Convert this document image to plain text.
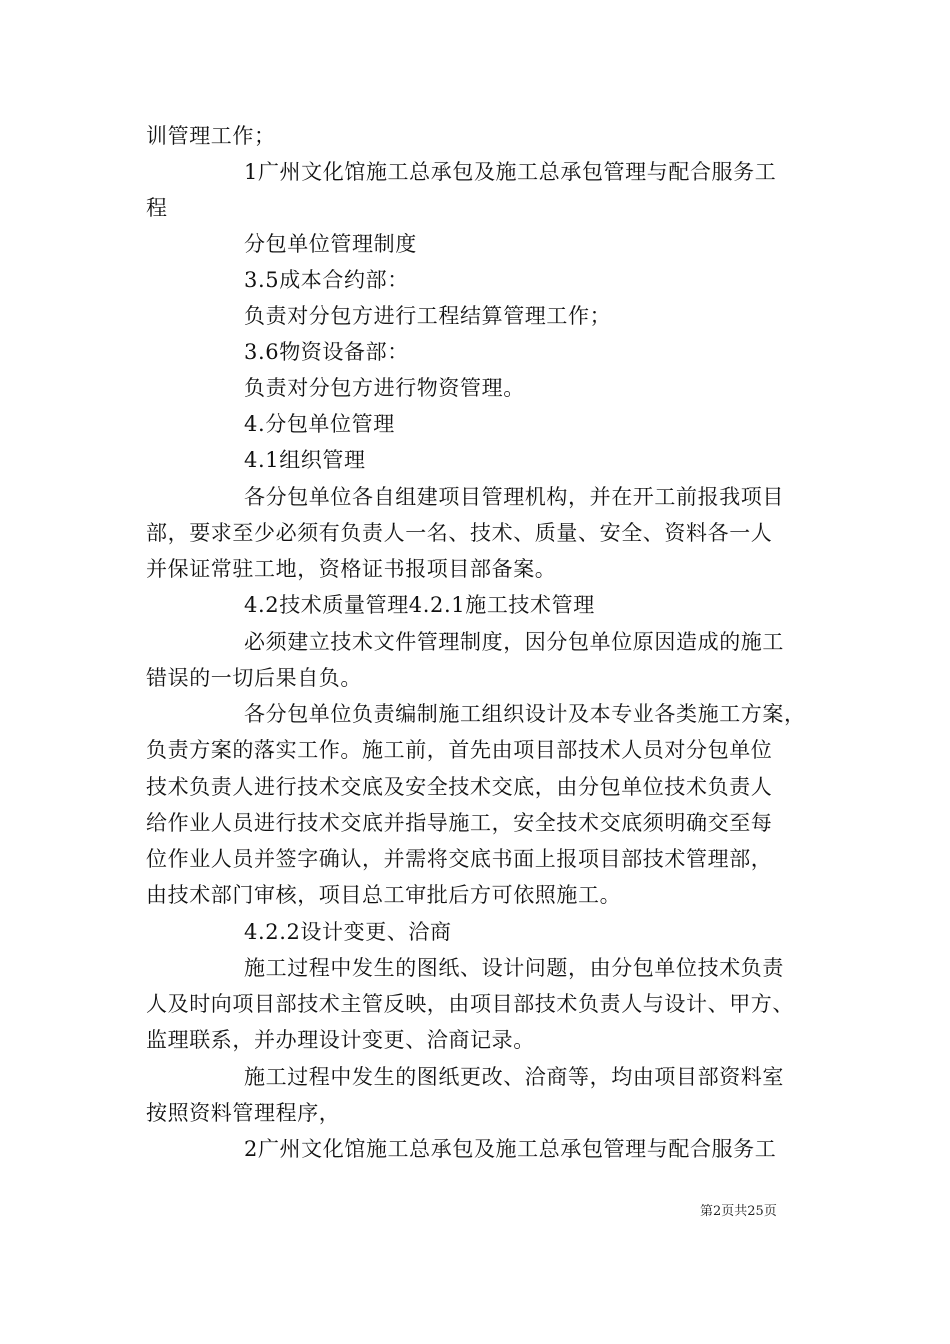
训管理工作；
1广州文化馆施工总承包及施工总承包管理与配合服务工
程
分包单位管理制度
3.5成本合约部：
负责对分包方进行工程结算管理工作；
3.6物资设备部：
负责对分包方进行物资管理。
4.分包单位管理
4.1组织管理
各分包单位各自组建项目管理机构，并在开工前报我项目
部，要求至少必须有负责人一名、技术、质量、安全、资料各一人
并保证常驻工地，资格证书报项目部备案。
4.2技术质量管理4.2.1施工技术管理
必须建立技术文件管理制度，因分包单位原因造成的施工
错误的一切后果自负。
各分包单位负责编制施工组织设计及本专业各类施工方案，
负责方案的落实工作。施工前，首先由项目部技术人员对分包单位
技术负责人进行技术交底及安全技术交底，由分包单位技术负责人
给作业人员进行技术交底并指导施工，安全技术交底须明确交至每
位作业人员并签字确认，并需将交底书面上报项目部技术管理部，
由技术部门审核，项目总工审批后方可依照施工。
4.2.2设计变更、洽商
施工过程中发生的图纸、设计问题，由分包单位技术负责
人及时向项目部技术主管反映，由项目部技术负责人与设计、甲方、
监理联系，并办理设计变更、洽商记录。
施工过程中发生的图纸更改、洽商等，均由项目部资料室
按照资料管理程序，
2广州文化馆施工总承包及施工总承包管理与配合服务工
第2页共25页
